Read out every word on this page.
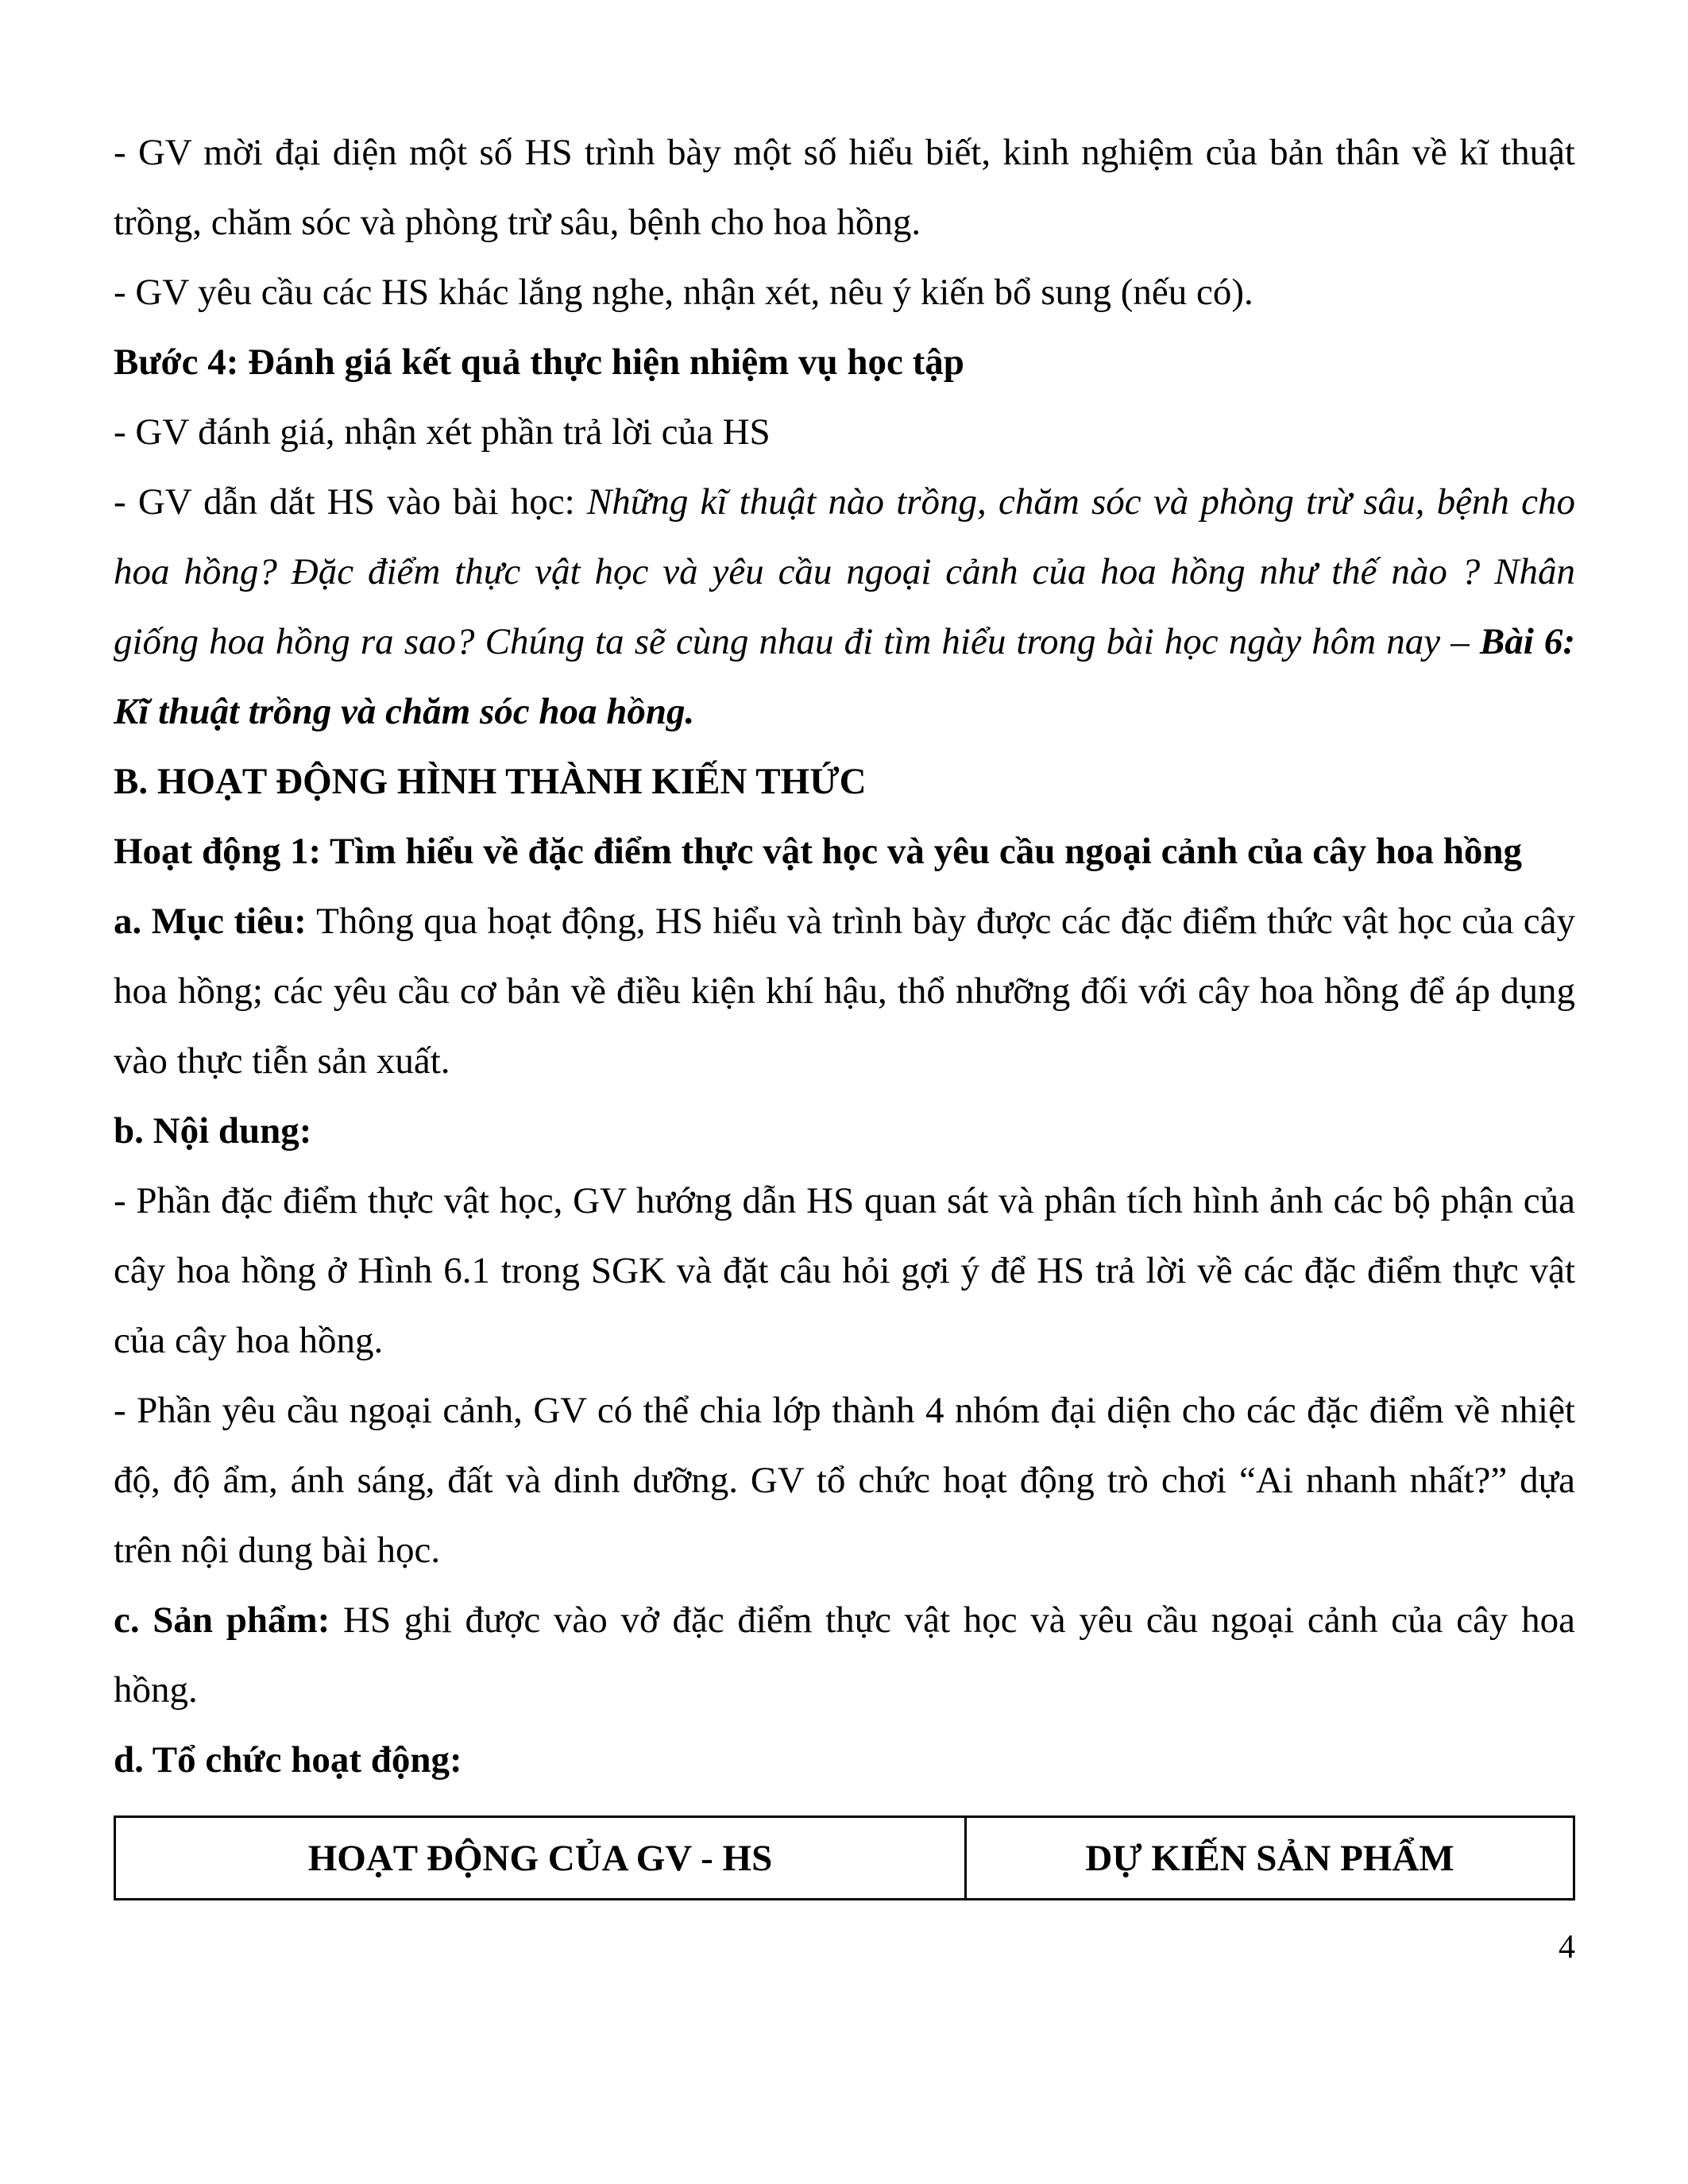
- GV mời đại diện một số HS trình bày một số hiểu biết, kinh nghiệm của bản thân về kĩ thuật trồng, chăm sóc và phòng trừ sâu, bệnh cho hoa hồng.

- GV yêu cầu các HS khác lắng nghe, nhận xét, nêu ý kiến bổ sung (nếu có).

Bước 4: Đánh giá kết quả thực hiện nhiệm vụ học tập

- GV đánh giá, nhận xét phần trả lời của HS

- GV dẫn dắt HS vào bài học: Những kĩ thuật nào trồng, chăm sóc và phòng trừ sâu, bệnh cho hoa hồng? Đặc điểm thực vật học và yêu cầu ngoại cảnh của hoa hồng như thế nào ? Nhân giống hoa hồng ra sao? Chúng ta sẽ cùng nhau đi tìm hiểu trong bài học ngày hôm nay – Bài 6: Kĩ thuật trồng và chăm sóc hoa hồng.

B. HOẠT ĐỘNG HÌNH THÀNH KIẾN THỨC

Hoạt động 1: Tìm hiểu về đặc điểm thực vật học và yêu cầu ngoại cảnh của cây hoa hồng

a. Mục tiêu: Thông qua hoạt động, HS hiểu và trình bày được các đặc điểm thức vật học của cây hoa hồng; các yêu cầu cơ bản về điều kiện khí hậu, thổ nhưỡng đối với cây hoa hồng để áp dụng vào thực tiễn sản xuất.

b. Nội dung:

- Phần đặc điểm thực vật học, GV hướng dẫn HS quan sát và phân tích hình ảnh các bộ phận của cây hoa hồng ở Hình 6.1 trong SGK và đặt câu hỏi gợi ý để HS trả lời về các đặc điểm thực vật của cây hoa hồng.

- Phần yêu cầu ngoại cảnh, GV có thể chia lớp thành 4 nhóm đại diện cho các đặc điểm về nhiệt độ, độ ẩm, ánh sáng, đất và dinh dưỡng. GV tổ chức hoạt động trò chơi “Ai nhanh nhất?” dựa trên nội dung bài học.

c. Sản phẩm: HS ghi được vào vở đặc điểm thực vật học và yêu cầu ngoại cảnh của cây hoa hồng.

d. Tổ chức hoạt động:

HOẠT ĐỘNG CỦA GV - HS	DỰ KIẾN SẢN PHẨM
4
